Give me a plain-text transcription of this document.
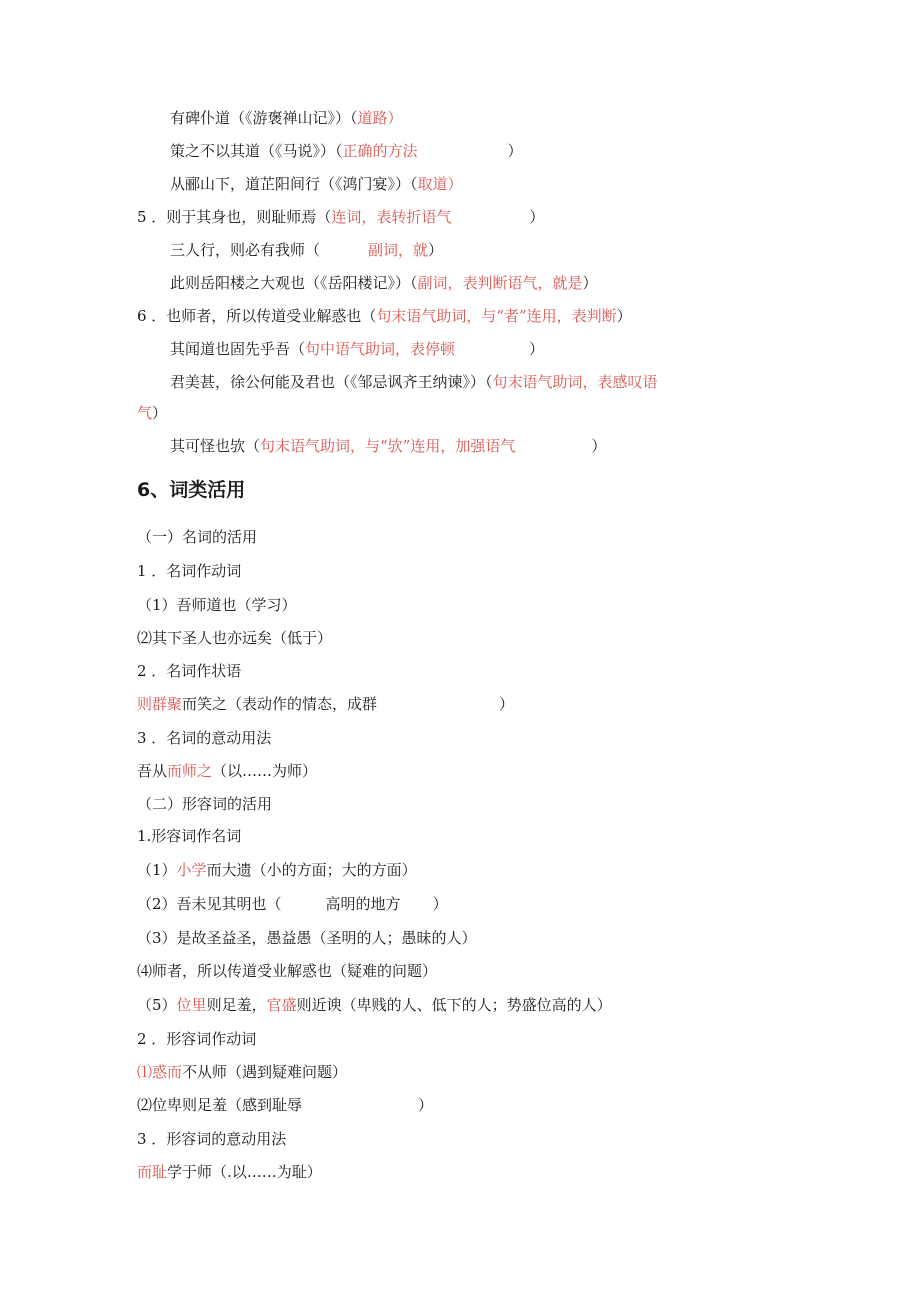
有碑仆道（《游褒禅山记》）（道路）
策之不以其道（《马说》）（正确的方法	）
从郦山下，道芷阳间行（《鸿门宴》）（取道）
5 ．则于其身也，则耻师焉（连词，表转折语气	）
三人行，则必有我师（	副词，就）
此则岳阳楼之大观也（《岳阳楼记》）（副词，表判断语气，就是）
6 ．也师者，所以传道受业解惑也（句末语气助词，与“者”连用，表判断）
其闻道也固先乎吾（句中语气助词，表停顿	）
君美甚，徐公何能及君也（《邹忌讽齐王纳谏》）（句末语气助词，表感叹语
气）
其可怪也欤（句末语气助词，与“欤”连用，加强语气	）
6、词类活用
（一）名词的活用
1 ．名词作动词
（1）吾师道也（学习）
⑵其下圣人也亦远矣（低于）
2 ．名词作状语
则群聚而笑之（表动作的情态，成群	）
3 ．名词的意动用法
吾从而师之（以……为师）
（二）形容词的活用
1.形容词作名词
（1）小学而大遗（小的方面；大的方面）
（2）吾未见其明也（	高明的地方 ）
（3）是故圣益圣，愚益愚（圣明的人；愚昧的人）
⑷师者，所以传道受业解惑也（疑难的问题）
（5）位里则足羞，官盛则近谀（卑贱的人、低下的人；势盛位高的人）
2 ．形容词作动词
⑴惑而不从师（遇到疑难问题）
⑵位卑则足羞（感到耻辱	）
3 ．形容词的意动用法
而耻学于师（.以……为耻）
